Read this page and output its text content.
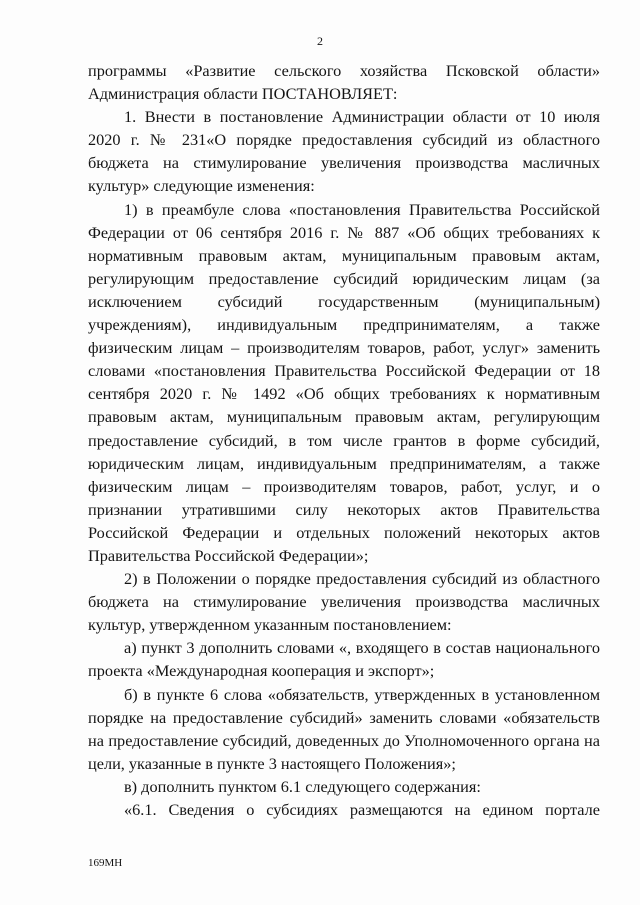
2

программы «Развитие сельского хозяйства Псковской области» Администрация области ПОСТАНОВЛЯЕТ:

1. Внести в постановление Администрации области от 10 июля 2020 г. № 231«О порядке предоставления субсидий из областного бюджета на стимулирование увеличения производства масличных культур» следующие изменения:

1) в преамбуле слова «постановления Правительства Российской Федерации от 06 сентября 2016 г. № 887 «Об общих требованиях к нормативным правовым актам, муниципальным правовым актам, регулирующим предоставление субсидий юридическим лицам (за исключением субсидий государственным (муниципальным) учреждениям), индивидуальным предпринимателям, а также физическим лицам – производителям товаров, работ, услуг» заменить словами «постановления Правительства Российской Федерации от 18 сентября 2020 г. № 1492 «Об общих требованиях к нормативным правовым актам, муниципальным правовым актам, регулирующим предоставление субсидий, в том числе грантов в форме субсидий, юридическим лицам, индивидуальным предпринимателям, а также физическим лицам – производителям товаров, работ, услуг, и о признании утратившими силу некоторых актов Правительства Российской Федерации и отдельных положений некоторых актов Правительства Российской Федерации»;

2) в Положении о порядке предоставления субсидий из областного бюджета на стимулирование увеличения производства масличных культур, утвержденном указанным постановлением:

а) пункт 3 дополнить словами «, входящего в состав национального проекта «Международная кооперация и экспорт»;

б) в пункте 6 слова «обязательств, утвержденных в установленном порядке на предоставление субсидий» заменить словами «обязательств на предоставление субсидий, доведенных до Уполномоченного органа на цели, указанные в пункте 3 настоящего Положения»;

в) дополнить пунктом 6.1 следующего содержания:

«6.1. Сведения о субсидиях размещаются на едином портале

169МН
